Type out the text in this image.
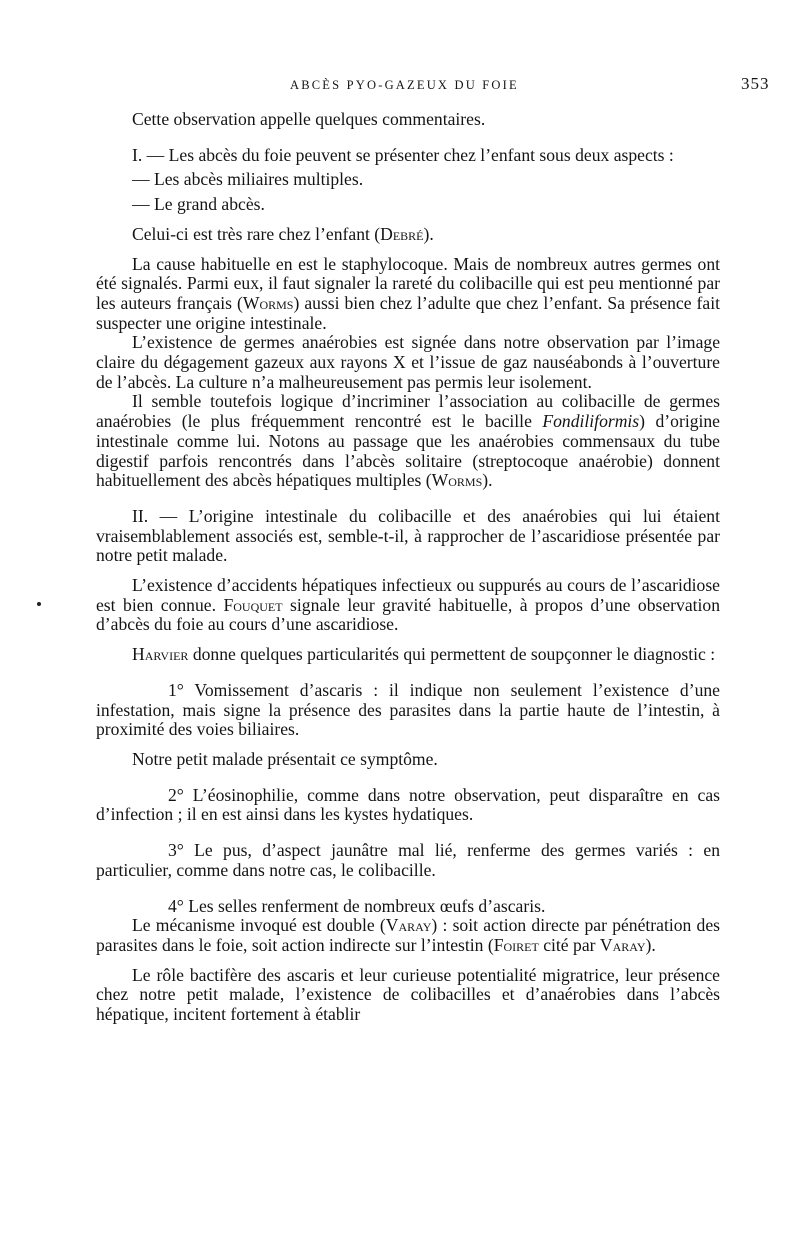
ABCÈS PYO-GAZEUX DU FOIE	353

Cette observation appelle quelques commentaires.

I. — Les abcès du foie peuvent se présenter chez l’enfant sous deux aspects :

— Les abcès miliaires multiples.

— Le grand abcès.

Celui-ci est très rare chez l’enfant (Debré).

La cause habituelle en est le staphylocoque. Mais de nombreux autres germes ont été signalés. Parmi eux, il faut signaler la rareté du colibacille qui est peu mentionné par les auteurs français (Worms) aussi bien chez l’adulte que chez l’enfant. Sa présence fait suspecter une origine intestinale.

L’existence de germes anaérobies est signée dans notre observation par l’image claire du dégagement gazeux aux rayons X et l’issue de gaz nauséabonds à l’ouverture de l’abcès. La culture n’a malheureusement pas permis leur isolement.

Il semble toutefois logique d’incriminer l’association au colibacille de germes anaérobies (le plus fréquemment rencontré est le bacille Fondiliformis) d’origine intestinale comme lui. Notons au passage que les anaérobies commensaux du tube digestif parfois rencontrés dans l’abcès solitaire (streptocoque anaérobie) donnent habituellement des abcès hépatiques multiples (Worms).

II. — L’origine intestinale du colibacille et des anaérobies qui lui étaient vraisemblablement associés est, semble-t-il, à rapprocher de l’ascaridiose présentée par notre petit malade.

L’existence d’accidents hépatiques infectieux ou suppurés au cours de l’ascaridiose est bien connue. Fouquet signale leur gravité habituelle, à propos d’une observation d’abcès du foie au cours d’une ascaridiose.

Harvier donne quelques particularités qui permettent de soupçonner le diagnostic :

1° Vomissement d’ascaris : il indique non seulement l’existence d’une infestation, mais signe la présence des parasites dans la partie haute de l’intestin, à proximité des voies biliaires.

Notre petit malade présentait ce symptôme.

2° L’éosinophilie, comme dans notre observation, peut disparaître en cas d’infection ; il en est ainsi dans les kystes hydatiques.

3° Le pus, d’aspect jaunâtre mal lié, renferme des germes variés : en particulier, comme dans notre cas, le colibacille.

4° Les selles renferment de nombreux œufs d’ascaris.

Le mécanisme invoqué est double (Varay) : soit action directe par pénétration des parasites dans le foie, soit action indirecte sur l’intestin (Foiret cité par Varay).

Le rôle bactifère des ascaris et leur curieuse potentialité migratrice, leur présence chez notre petit malade, l’existence de colibacilles et d’anaérobies dans l’abcès hépatique, incitent fortement à établir
